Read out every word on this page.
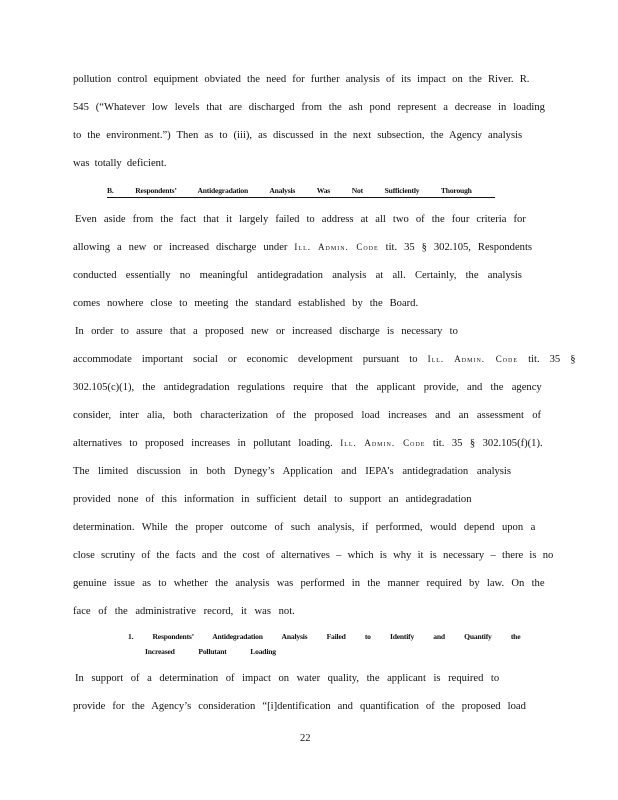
pollution control equipment obviated the need for further analysis of its impact on the River. R.
545 (“Whatever low levels that are discharged from the ash pond represent a decrease in loading
to the environment.”) Then as to (iii), as discussed in the next subsection, the Agency analysis
was totally deficient.
B. Respondents’ Antidegradation Analysis Was Not Sufficiently Thorough
Even aside from the fact that it largely failed to address at all two of the four criteria for
allowing a new or increased discharge under Ill. Admin. Code tit. 35 § 302.105, Respondents
conducted essentially no meaningful antidegradation analysis at all. Certainly, the analysis
comes nowhere close to meeting the standard established by the Board.
In order to assure that a proposed new or increased discharge is necessary to
accommodate important social or economic development pursuant to Ill. Admin. Code tit. 35 §
302.105(c)(1), the antidegradation regulations require that the applicant provide, and the agency
consider, inter alia, both characterization of the proposed load increases and an assessment of
alternatives to proposed increases in pollutant loading. Ill. Admin. Code tit. 35 § 302.105(f)(1).
The limited discussion in both Dynegy’s Application and IEPA’s antidegradation analysis
provided none of this information in sufficient detail to support an antidegradation
determination. While the proper outcome of such analysis, if performed, would depend upon a
close scrutiny of the facts and the cost of alternatives – which is why it is necessary – there is no
genuine issue as to whether the analysis was performed in the manner required by law. On the
face of the administrative record, it was not.
1. Respondents’ Antidegradation Analysis Failed to Identify and Quantify the
Increased Pollutant Loading
In support of a determination of impact on water quality, the applicant is required to
provide for the Agency’s consideration “[i]dentification and quantification of the proposed load
22
